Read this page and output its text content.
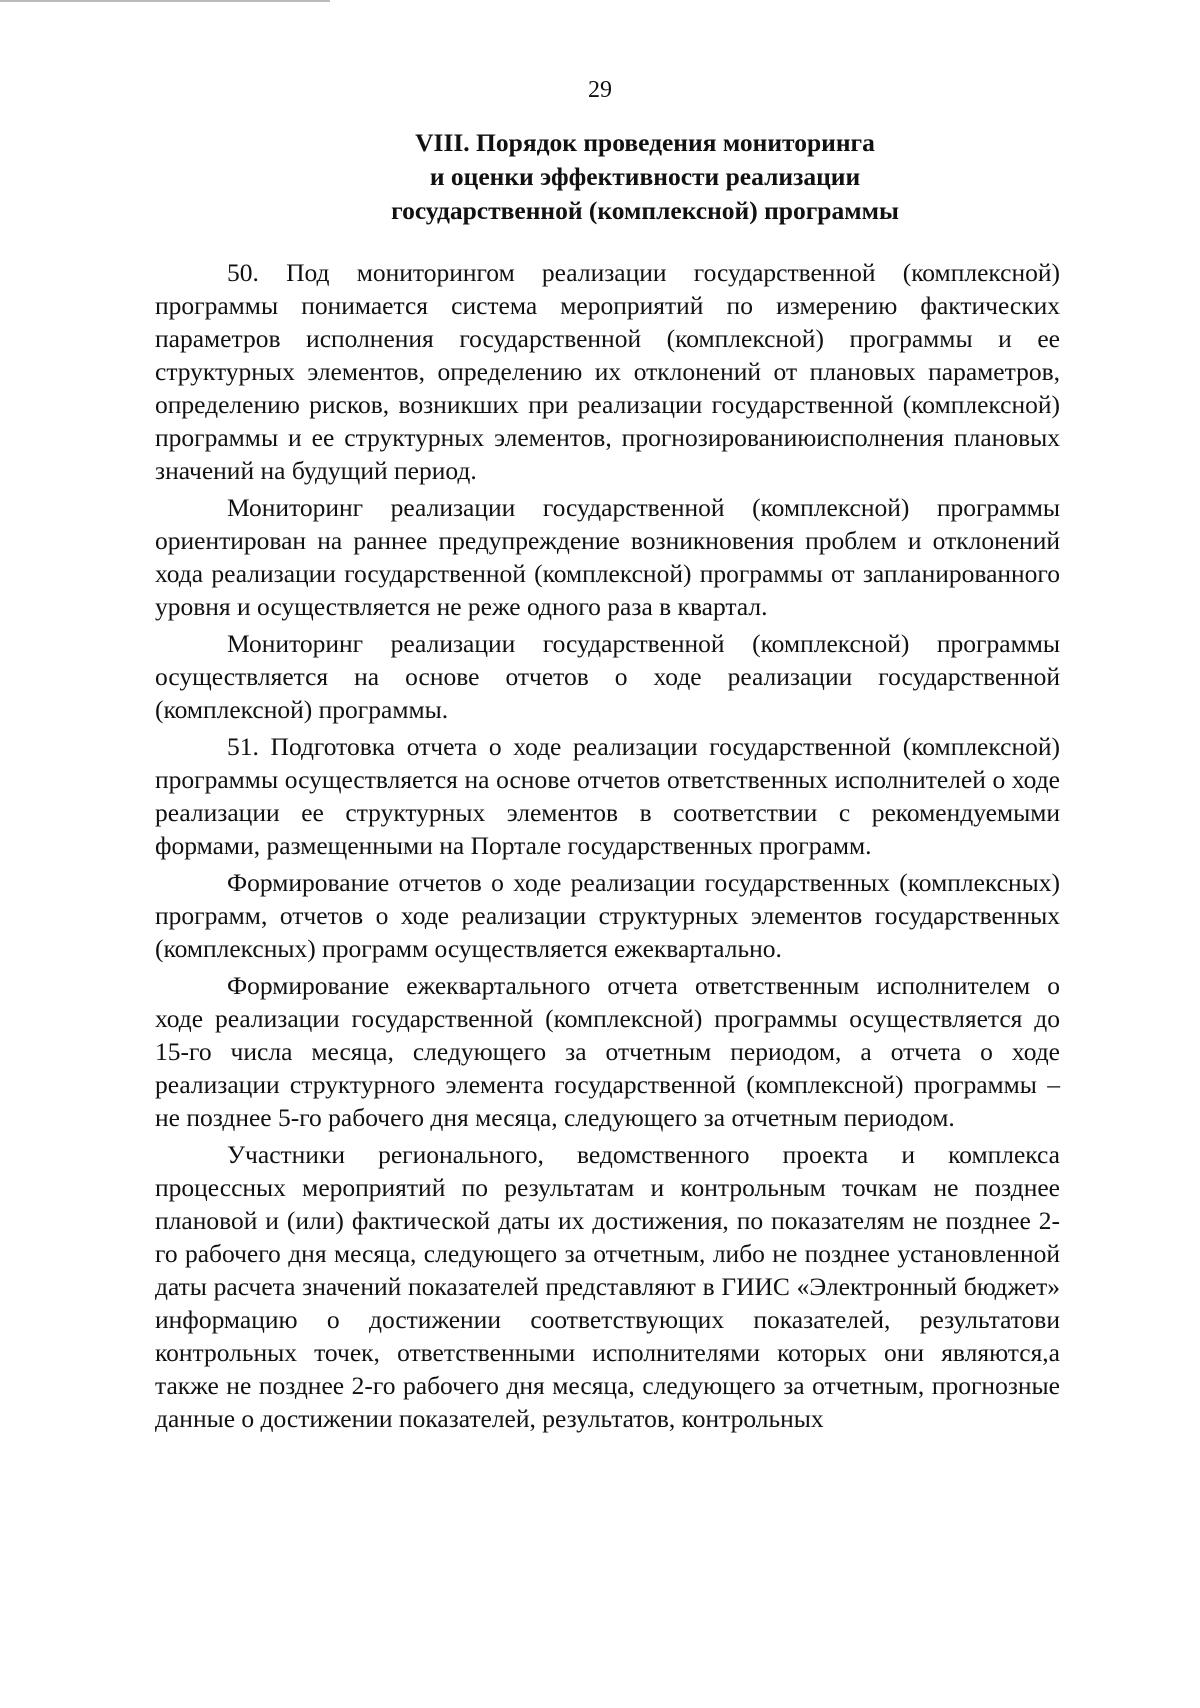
29
VIII. Порядок проведения мониторинга
и оценки эффективности реализации
государственной (комплексной) программы

50. Под мониторингом реализации государственной (комплексной) программы понимается система мероприятий по измерению фактических параметров исполнения государственной (комплексной) программы и ее структурных элементов, определению их отклонений от плановых параметров, определению рисков, возникших при реализации государственной (комплексной) программы и ее структурных элементов, прогнозированиюисполнения плановых значений на будущий период.

Мониторинг реализации государственной (комплексной) программы ориентирован на раннее предупреждение возникновения проблем и отклонений хода реализации государственной (комплексной) программы от запланированного уровня и осуществляется не реже одного раза в квартал.

Мониторинг реализации государственной (комплексной) программы осуществляется на основе отчетов о ходе реализации государственной (комплексной) программы.

51. Подготовка отчета о ходе реализации государственной (комплексной) программы осуществляется на основе отчетов ответственных исполнителей о ходе реализации ее структурных элементов в соответствии с рекомендуемыми формами, размещенными на Портале государственных программ.

Формирование отчетов о ходе реализации государственных (комплексных) программ, отчетов о ходе реализации структурных элементов государственных (комплексных) программ осуществляется ежеквартально.

Формирование ежеквартального отчета ответственным исполнителем о ходе реализации государственной (комплексной) программы осуществляется до 15-го числа месяца, следующего за отчетным периодом, а отчета о ходе реализации структурного элемента государственной (комплексной) программы – не позднее 5-го рабочего дня месяца, следующего за отчетным периодом.

Участники регионального, ведомственного проекта и комплекса процессных мероприятий по результатам и контрольным точкам не позднее плановой и (или) фактической даты их достижения, по показателям не позднее 2-го рабочего дня месяца, следующего за отчетным, либо не позднее установленной даты расчета значений показателей представляют в ГИИС «Электронный бюджет» информацию о достижении соответствующих показателей, результатови контрольных точек, ответственными исполнителями которых они являются,а также не позднее 2-го рабочего дня месяца, следующего за отчетным, прогнозные данные о достижении показателей, результатов, контрольных
